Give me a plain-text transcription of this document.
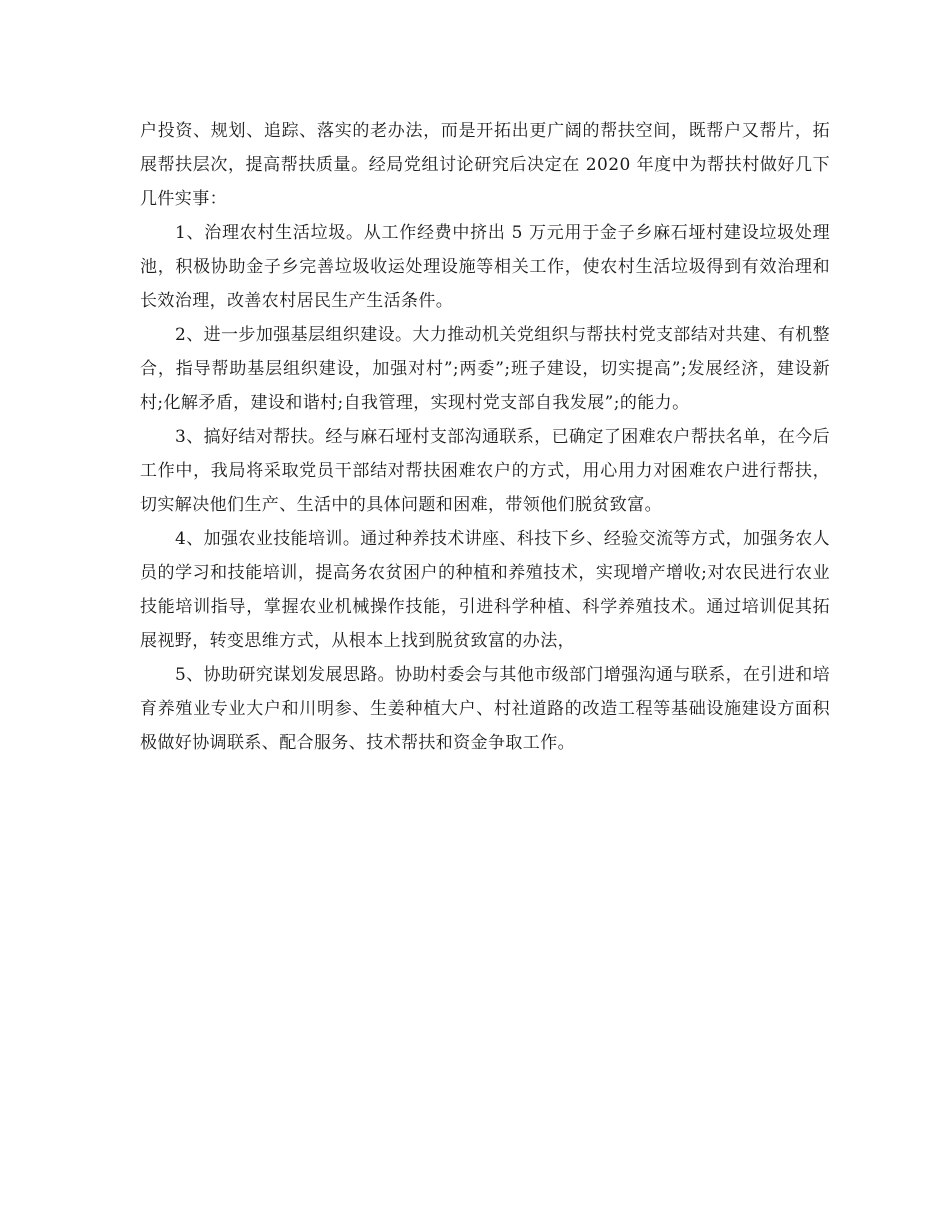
户投资、规划、追踪、落实的老办法，而是开拓出更广阔的帮扶空间，既帮户又帮片，拓展帮扶层次，提高帮扶质量。经局党组讨论研究后决定在 2020 年度中为帮扶村做好几下几件实事：

1、治理农村生活垃圾。从工作经费中挤出 5 万元用于金子乡麻石垭村建设垃圾处理池，积极协助金子乡完善垃圾收运处理设施等相关工作，使农村生活垃圾得到有效治理和长效治理，改善农村居民生产生活条件。

2、进一步加强基层组织建设。大力推动机关党组织与帮扶村党支部结对共建、有机整合，指导帮助基层组织建设，加强对村”;两委”;班子建设，切实提高”;发展经济，建设新村;化解矛盾，建设和谐村;自我管理，实现村党支部自我发展”;的能力。

3、搞好结对帮扶。经与麻石垭村支部沟通联系，已确定了困难农户帮扶名单，在今后工作中，我局将采取党员干部结对帮扶困难农户的方式，用心用力对困难农户进行帮扶，切实解决他们生产、生活中的具体问题和困难，带领他们脱贫致富。

4、加强农业技能培训。通过种养技术讲座、科技下乡、经验交流等方式，加强务农人员的学习和技能培训，提高务农贫困户的种植和养殖技术，实现增产增收;对农民进行农业技能培训指导，掌握农业机械操作技能，引进科学种植、科学养殖技术。通过培训促其拓展视野，转变思维方式，从根本上找到脱贫致富的办法，

5、协助研究谋划发展思路。协助村委会与其他市级部门增强沟通与联系，在引进和培育养殖业专业大户和川明参、生姜种植大户、村社道路的改造工程等基础设施建设方面积极做好协调联系、配合服务、技术帮扶和资金争取工作。
